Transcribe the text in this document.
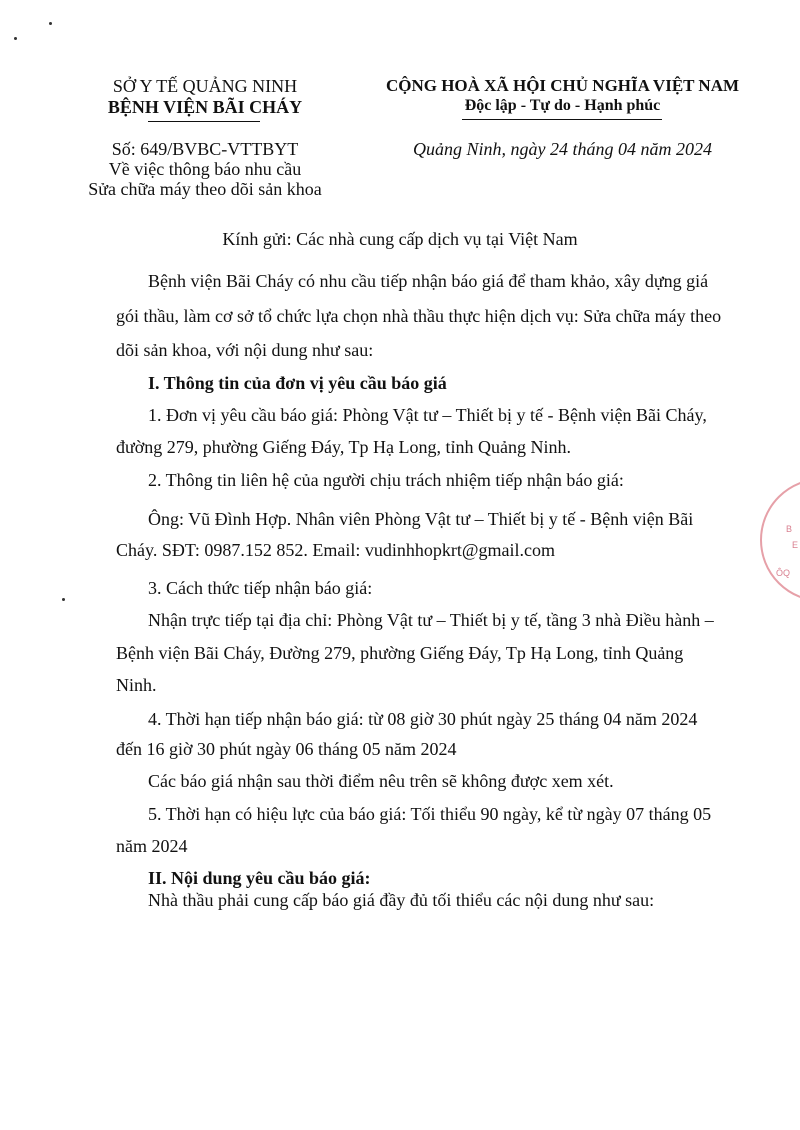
SỞ Y TẾ QUẢNG NINH
BỆNH VIỆN BÃI CHÁY
Số: 649/BVBC-VTTBYT
Về việc thông báo nhu cầu
Sửa chữa máy theo dõi sản khoa
CỘNG HOÀ XÃ HỘI CHỦ NGHĨA VIỆT NAM
Độc lập - Tự do - Hạnh phúc
Quảng Ninh, ngày 24 tháng 04 năm 2024
Kính gửi: Các nhà cung cấp dịch vụ tại Việt Nam
Bệnh viện Bãi Cháy có nhu cầu tiếp nhận báo giá để tham khảo, xây dựng giá
gói thầu, làm cơ sở tổ chức lựa chọn nhà thầu thực hiện dịch vụ: Sửa chữa máy theo
dõi sản khoa, với nội dung như sau:
I. Thông tin của đơn vị yêu cầu báo giá
1. Đơn vị yêu cầu báo giá: Phòng Vật tư – Thiết bị y tế - Bệnh viện Bãi Cháy,
đường 279, phường Giếng Đáy, Tp Hạ Long, tỉnh Quảng Ninh.
2. Thông tin liên hệ của người chịu trách nhiệm tiếp nhận báo giá:
Ông: Vũ Đình Hợp. Nhân viên Phòng Vật tư – Thiết bị y tế - Bệnh viện Bãi
Cháy. SĐT: 0987.152 852. Email: vudinhhopkrt@gmail.com
3. Cách thức tiếp nhận báo giá:
Nhận trực tiếp tại địa chỉ: Phòng Vật tư – Thiết bị y tế, tầng 3 nhà Điều hành –
Bệnh viện Bãi Cháy, Đường 279, phường Giếng Đáy, Tp Hạ Long, tỉnh Quảng
Ninh.
4. Thời hạn tiếp nhận báo giá: từ 08 giờ 30 phút ngày 25 tháng 04 năm 2024
đến 16 giờ 30 phút ngày 06 tháng 05 năm 2024
Các báo giá nhận sau thời điểm nêu trên sẽ không được xem xét.
5. Thời hạn có hiệu lực của báo giá: Tối thiểu 90 ngày, kể từ ngày 07 tháng 05
năm 2024
II. Nội dung yêu cầu báo giá:
Nhà thầu phải cung cấp báo giá đầy đủ tối thiểu các nội dung như sau:
B
E
ÔQ
